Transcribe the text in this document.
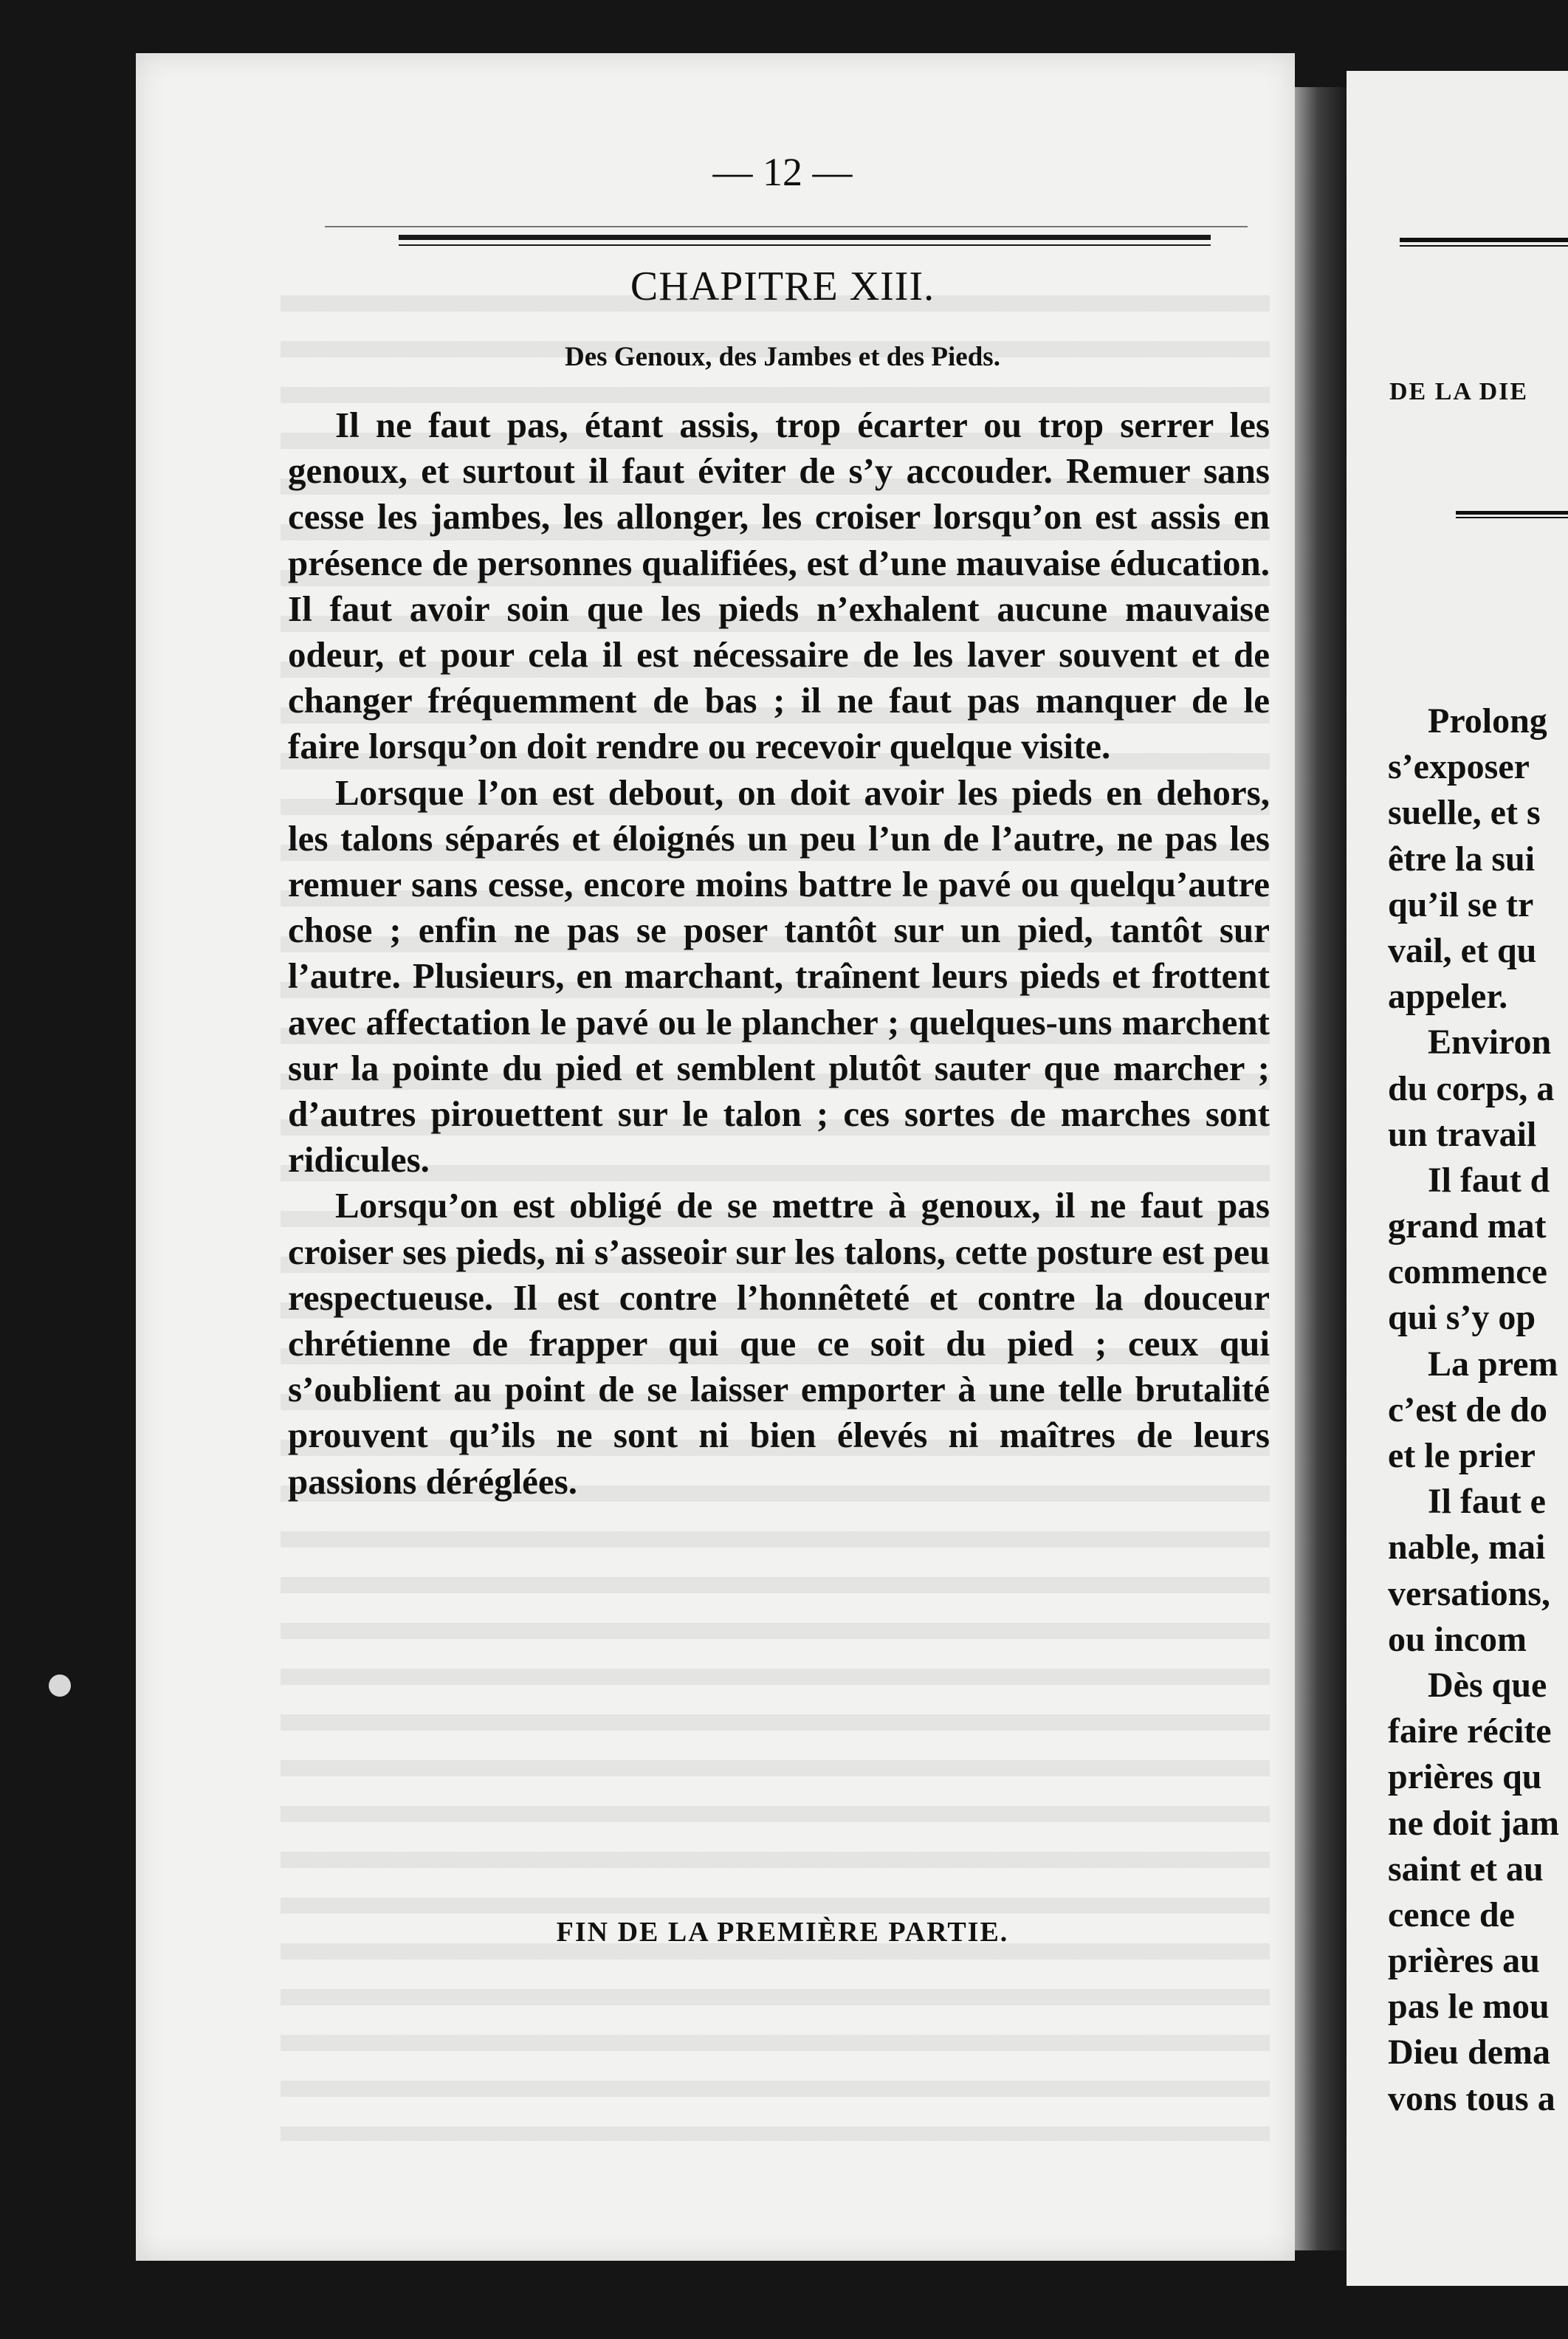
DE LA DIE

Prolong
s’exposer
suelle, et s
être la sui
qu’il se tr
vail, et qu
appeler.
Environ
du corps, a
un travail
Il faut d
grand mat
commence
qui s’y op
La prem
c’est de do
et le prier
Il faut e
nable, mai
versations,
ou incom
Dès que
faire récite
prières qu
ne doit jam
saint et au
cence de
prières au
pas le mou
Dieu dema
vons tous a

— 12 —

CHAPITRE XIII.
Des Genoux, des Jambes et des Pieds.

Il ne faut pas, étant assis, trop écarter ou trop serrer les genoux, et surtout il faut éviter de s’y accouder. Remuer sans cesse les jambes, les allonger, les croiser lorsqu’on est assis en présence de personnes qualifiées, est d’une mauvaise éducation. Il faut avoir soin que les pieds n’exhalent aucune mauvaise odeur, et pour cela il est nécessaire de les laver souvent et de changer fréquemment de bas ; il ne faut pas manquer de le faire lorsqu’on doit rendre ou recevoir quelque visite.

Lorsque l’on est debout, on doit avoir les pieds en dehors, les talons séparés et éloignés un peu l’un de l’autre, ne pas les remuer sans cesse, encore moins battre le pavé ou quelqu’autre chose ; enfin ne pas se poser tantôt sur un pied, tantôt sur l’autre. Plusieurs, en marchant, traînent leurs pieds et frottent avec affectation le pavé ou le plancher ; quelques-uns marchent sur la pointe du pied et semblent plutôt sauter que marcher ; d’autres pirouettent sur le talon ; ces sortes de marches sont ridicules.

Lorsqu’on est obligé de se mettre à genoux, il ne faut pas croiser ses pieds, ni s’asseoir sur les talons, cette posture est peu respectueuse. Il est contre l’honnêteté et contre la douceur chrétienne de frapper qui que ce soit du pied ; ceux qui s’oublient au point de se laisser emporter à une telle brutalité prouvent qu’ils ne sont ni bien élevés ni maîtres de leurs passions déréglées.

FIN DE LA PREMIÈRE PARTIE.
